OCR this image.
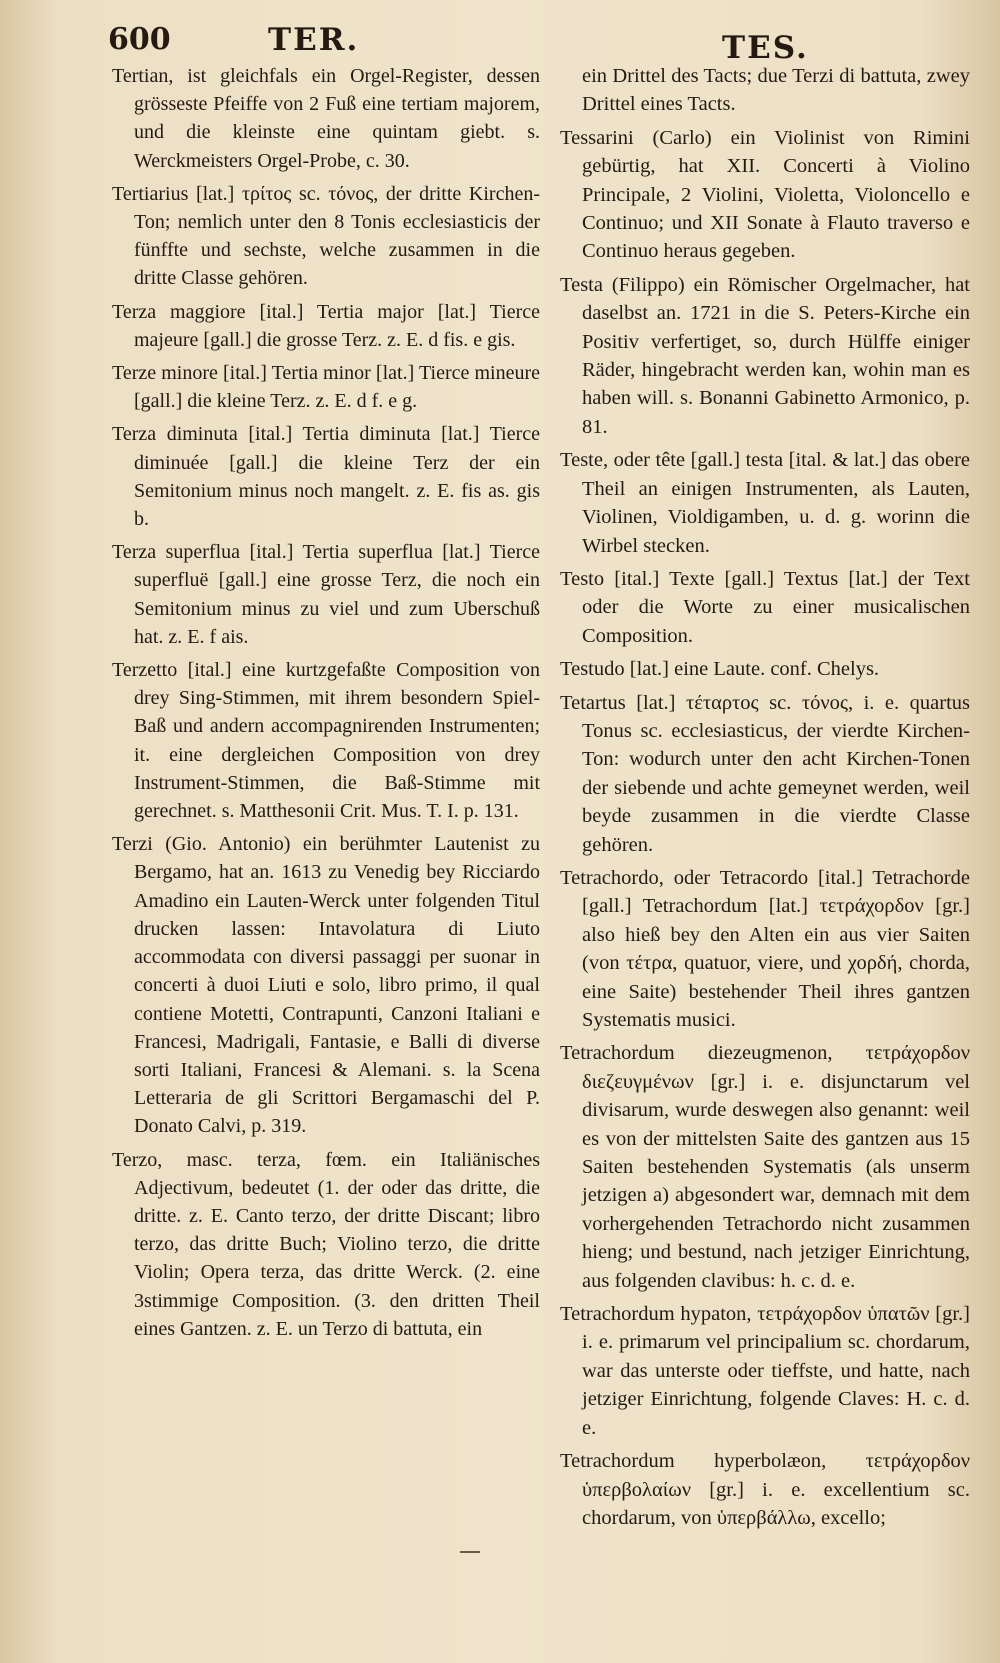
600	TER.	TES.

Tertian, ist gleichfals ein Orgel-Register, dessen grösseste Pfeiffe von 2 Fuß eine tertiam majorem, und die kleinste eine quintam giebt. s. Werckmeisters Orgel-Probe, c. 30.

Tertiarius [lat.] τρίτος sc. τόνος, der dritte Kirchen-Ton; nemlich unter den 8 Tonis ecclesiasticis der fünffte und sechste, welche zusammen in die dritte Classe gehören.

Terza maggiore [ital.] Tertia major [lat.] Tierce majeure [gall.] die grosse Terz. z. E. d fis. e gis.

Terze minore [ital.] Tertia minor [lat.] Tierce mineure [gall.] die kleine Terz. z. E. d f. e g.

Terza diminuta [ital.] Tertia diminuta [lat.] Tierce diminuée [gall.] die kleine Terz der ein Semitonium minus noch mangelt. z. E. fis as. gis b.

Terza superflua [ital.] Tertia superflua [lat.] Tierce superfluë [gall.] eine grosse Terz, die noch ein Semitonium minus zu viel und zum Uberschuß hat. z. E. f ais.

Terzetto [ital.] eine kurtzgefaßte Composition von drey Sing-Stimmen, mit ihrem besondern Spiel-Baß und andern accompagnirenden Instrumenten; it. eine dergleichen Composition von drey Instrument-Stimmen, die Baß-Stimme mit gerechnet. s. Matthesonii Crit. Mus. T. I. p. 131.

Terzi (Gio. Antonio) ein berühmter Lautenist zu Bergamo, hat an. 1613 zu Venedig bey Ricciardo Amadino ein Lauten-Werck unter folgenden Titul drucken lassen: Intavolatura di Liuto accommodata con diversi passaggi per suonar in concerti à duoi Liuti e solo, libro primo, il qual contiene Motetti, Contrapunti, Canzoni Italiani e Francesi, Madrigali, Fantasie, e Balli di diverse sorti Italiani, Francesi & Alemani. s. la Scena Letteraria de gli Scrittori Bergamaschi del P. Donato Calvi, p. 319.

Terzo, masc. terza, fœm. ein Italiänisches Adjectivum, bedeutet (1. der oder das dritte, die dritte. z. E. Canto terzo, der dritte Discant; libro terzo, das dritte Buch; Violino terzo, die dritte Violin; Opera terza, das dritte Werck. (2. eine 3stimmige Composition. (3. den dritten Theil eines Gantzen. z. E. un Terzo di battuta, ein

ein Drittel des Tacts; due Terzi di battuta, zwey Drittel eines Tacts.

Tessarini (Carlo) ein Violinist von Rimini gebürtig, hat XII. Concerti à Violino Principale, 2 Violini, Violetta, Violoncello e Continuo; und XII Sonate à Flauto traverso e Continuo heraus gegeben.

Testa (Filippo) ein Römischer Orgelmacher, hat daselbst an. 1721 in die S. Peters-Kirche ein Positiv verfertiget, so, durch Hülffe einiger Räder, hingebracht werden kan, wohin man es haben will. s. Bonanni Gabinetto Armonico, p. 81.

Teste, oder tête [gall.] testa [ital. & lat.] das obere Theil an einigen Instrumenten, als Lauten, Violinen, Violdigamben, u. d. g. worinn die Wirbel stecken.

Testo [ital.] Texte [gall.] Textus [lat.] der Text oder die Worte zu einer musicalischen Composition.

Testudo [lat.] eine Laute. conf. Chelys.

Tetartus [lat.] τέταρτος sc. τόνος, i. e. quartus Tonus sc. ecclesiasticus, der vierdte Kirchen-Ton: wodurch unter den acht Kirchen-Tonen der siebende und achte gemeynet werden, weil beyde zusammen in die vierdte Classe gehören.

Tetrachordo, oder Tetracordo [ital.] Tetrachorde [gall.] Tetrachordum [lat.] τετράχορδον [gr.] also hieß bey den Alten ein aus vier Saiten (von τέτρα, quatuor, viere, und χορδή, chorda, eine Saite) bestehender Theil ihres gantzen Systematis musici.

Tetrachordum diezeugmenon, τετράχορδον διεζευγμένων [gr.] i. e. disjunctarum vel divisarum, wurde deswegen also genannt: weil es von der mittelsten Saite des gantzen aus 15 Saiten bestehenden Systematis (als unserm jetzigen a) abgesondert war, demnach mit dem vorhergehenden Tetrachordo nicht zusammen hieng; und bestund, nach jetziger Einrichtung, aus folgenden clavibus: h. c. d. e.

Tetrachordum hypaton, τετράχορδον ὑπατῶν [gr.] i. e. primarum vel principalium sc. chordarum, war das unterste oder tieffste, und hatte, nach jetziger Einrichtung, folgende Claves: H. c. d. e.

Tetrachordum hyperbolæon, τετράχορδον ὑπερβολαίων [gr.] i. e. excellentium sc. chordarum, von ὑπερβάλλω, excello;
